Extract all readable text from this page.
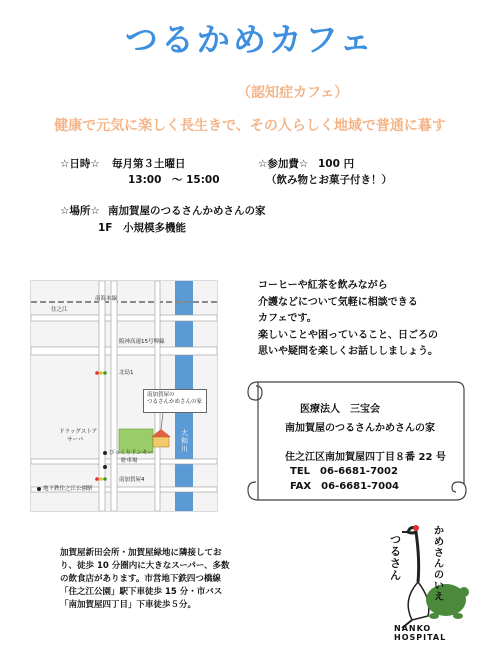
つるかめカフェ
（認知症カフェ）
健康で元気に楽しく長生きで、その人らしく地域で普通に暮す
☆日時☆ 毎月第３土曜日
13:00　～ 15:00
☆参加費☆ 100 円
（飲み物とお菓子付き！）
☆場所☆ 南加賀屋のつるさんかめさんの家
1F　小規模多機能
南海本線
住之江
阪神高速15号堺線
北島1
南加賀屋の
つるさんかめさんの家
ドラッグストア
サーバ
大和川
びっくりドンキー
駐車場
南加賀屋4
地下鉄住之江公園駅
コーヒーや紅茶を飲みながら
介護などについて気軽に相談できる
カフェです。
楽しいことや困っていること、日ごろの
思いや疑問を楽しくお話ししましょう。
医療法人　三宝会
南加賀屋のつるさんかめさんの家
住之江区南加賀屋四丁目８番 22 号
TEL　06-6681-7002
FAX　06-6681-7004
加賀屋新田会所・加賀屋緑地に隣接しており、徒歩 10 分圏内に大きなスーパー、多数の飲食店があります。市営地下鉄四つ橋線「住之江公園」駅下車徒歩 15 分・市バス「南加賀屋四丁目」下車徒歩５分。
つるさん
かめさんのいえ
NANKO HOSPITAL
